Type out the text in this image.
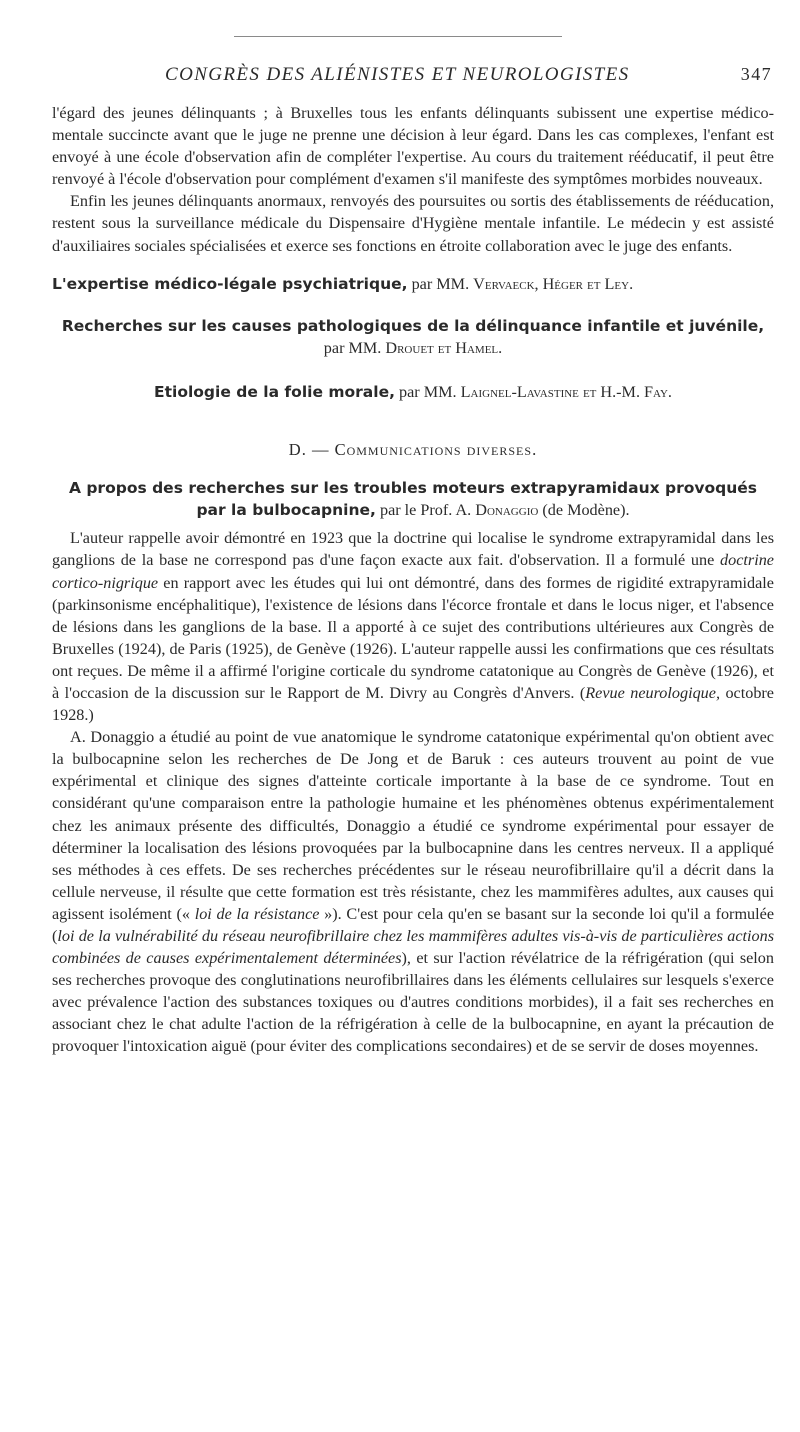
CONGRÈS DES ALIÉNISTES ET NEUROLOGISTES	347

l'égard des jeunes délinquants ; à Bruxelles tous les enfants délinquants subissent une expertise médico-mentale succincte avant que le juge ne prenne une décision à leur égard. Dans les cas complexes, l'enfant est envoyé à une école d'observation afin de compléter l'expertise. Au cours du traitement rééducatif, il peut être renvoyé à l'école d'observation pour complément d'examen s'il manifeste des symptômes morbides nouveaux.

Enfin les jeunes délinquants anormaux, renvoyés des poursuites ou sortis des établissements de rééducation, restent sous la surveillance médicale du Dispensaire d'Hygiène mentale infantile. Le médecin y est assisté d'auxiliaires sociales spécialisées et exerce ses fonctions en étroite collaboration avec le juge des enfants.

L'expertise médico-légale psychiatrique, par MM. Vervaeck, Héger et Ley.

Recherches sur les causes pathologiques de la délinquance infantile et juvénile,
par MM. Drouet et Hamel.

Etiologie de la folie morale, par MM. Laignel-Lavastine et H.-M. Fay.

D. — Communications diverses.

A propos des recherches sur les troubles moteurs extrapyramidaux provoqués par la bulbocapnine, par le Prof. A. Donaggio (de Modène).

L'auteur rappelle avoir démontré en 1923 que la doctrine qui localise le syndrome extrapyramidal dans les ganglions de la base ne correspond pas d'une façon exacte aux fait. d'observation. Il a formulé une doctrine cortico-nigrique en rapport avec les études qui lui ont démontré, dans des formes de rigidité extrapyramidale (parkinsonisme encéphalitique), l'existence de lésions dans l'écorce frontale et dans le locus niger, et l'absence de lésions dans les ganglions de la base. Il a apporté à ce sujet des contributions ultérieures aux Congrès de Bruxelles (1924), de Paris (1925), de Genève (1926). L'auteur rappelle aussi les confirmations que ces résultats ont reçues. De même il a affirmé l'origine corticale du syndrome catatonique au Congrès de Genève (1926), et à l'occasion de la discussion sur le Rapport de M. Divry au Congrès d'Anvers. (Revue neurologique, octobre 1928.)

A. Donaggio a étudié au point de vue anatomique le syndrome catatonique expérimental qu'on obtient avec la bulbocapnine selon les recherches de De Jong et de Baruk : ces auteurs trouvent au point de vue expérimental et clinique des signes d'atteinte corticale importante à la base de ce syndrome. Tout en considérant qu'une comparaison entre la pathologie humaine et les phénomènes obtenus expérimentalement chez les animaux présente des difficultés, Donaggio a étudié ce syndrome expérimental pour essayer de déterminer la localisation des lésions provoquées par la bulbocapnine dans les centres nerveux. Il a appliqué ses méthodes à ces effets. De ses recherches précédentes sur le réseau neurofibrillaire qu'il a décrit dans la cellule nerveuse, il résulte que cette formation est très résistante, chez les mammifères adultes, aux causes qui agissent isolément (« loi de la résistance »). C'est pour cela qu'en se basant sur la seconde loi qu'il a formulée (loi de la vulnérabilité du réseau neurofibrillaire chez les mammifères adultes vis-à-vis de particulières actions combinées de causes expérimentalement déterminées), et sur l'action révélatrice de la réfrigération (qui selon ses recherches provoque des conglutinations neurofibrillaires dans les éléments cellulaires sur lesquels s'exerce avec prévalence l'action des substances toxiques ou d'autres conditions morbides), il a fait ses recherches en associant chez le chat adulte l'action de la réfrigération à celle de la bulbocapnine, en ayant la précaution de provoquer l'intoxication aiguë (pour éviter des complications secondaires) et de se servir de doses moyennes.
